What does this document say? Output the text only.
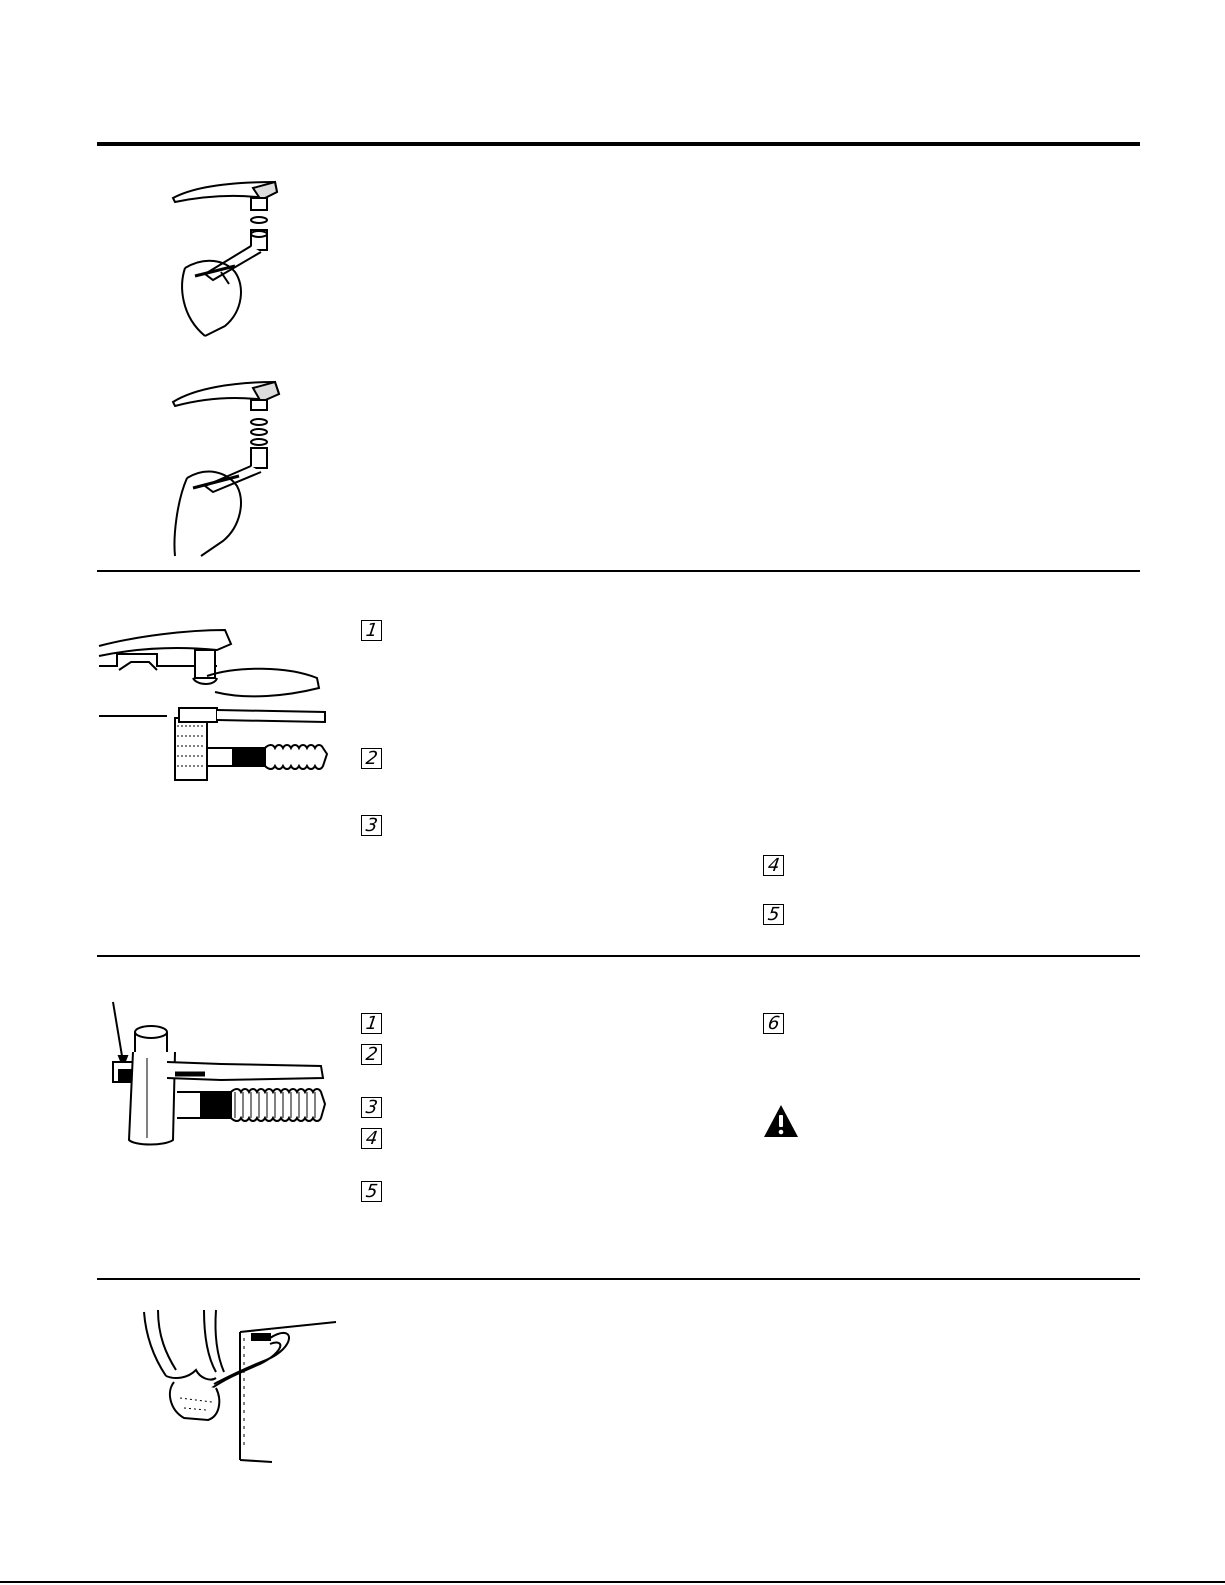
1
2
3
4
5
1
2
3
4
5
6
